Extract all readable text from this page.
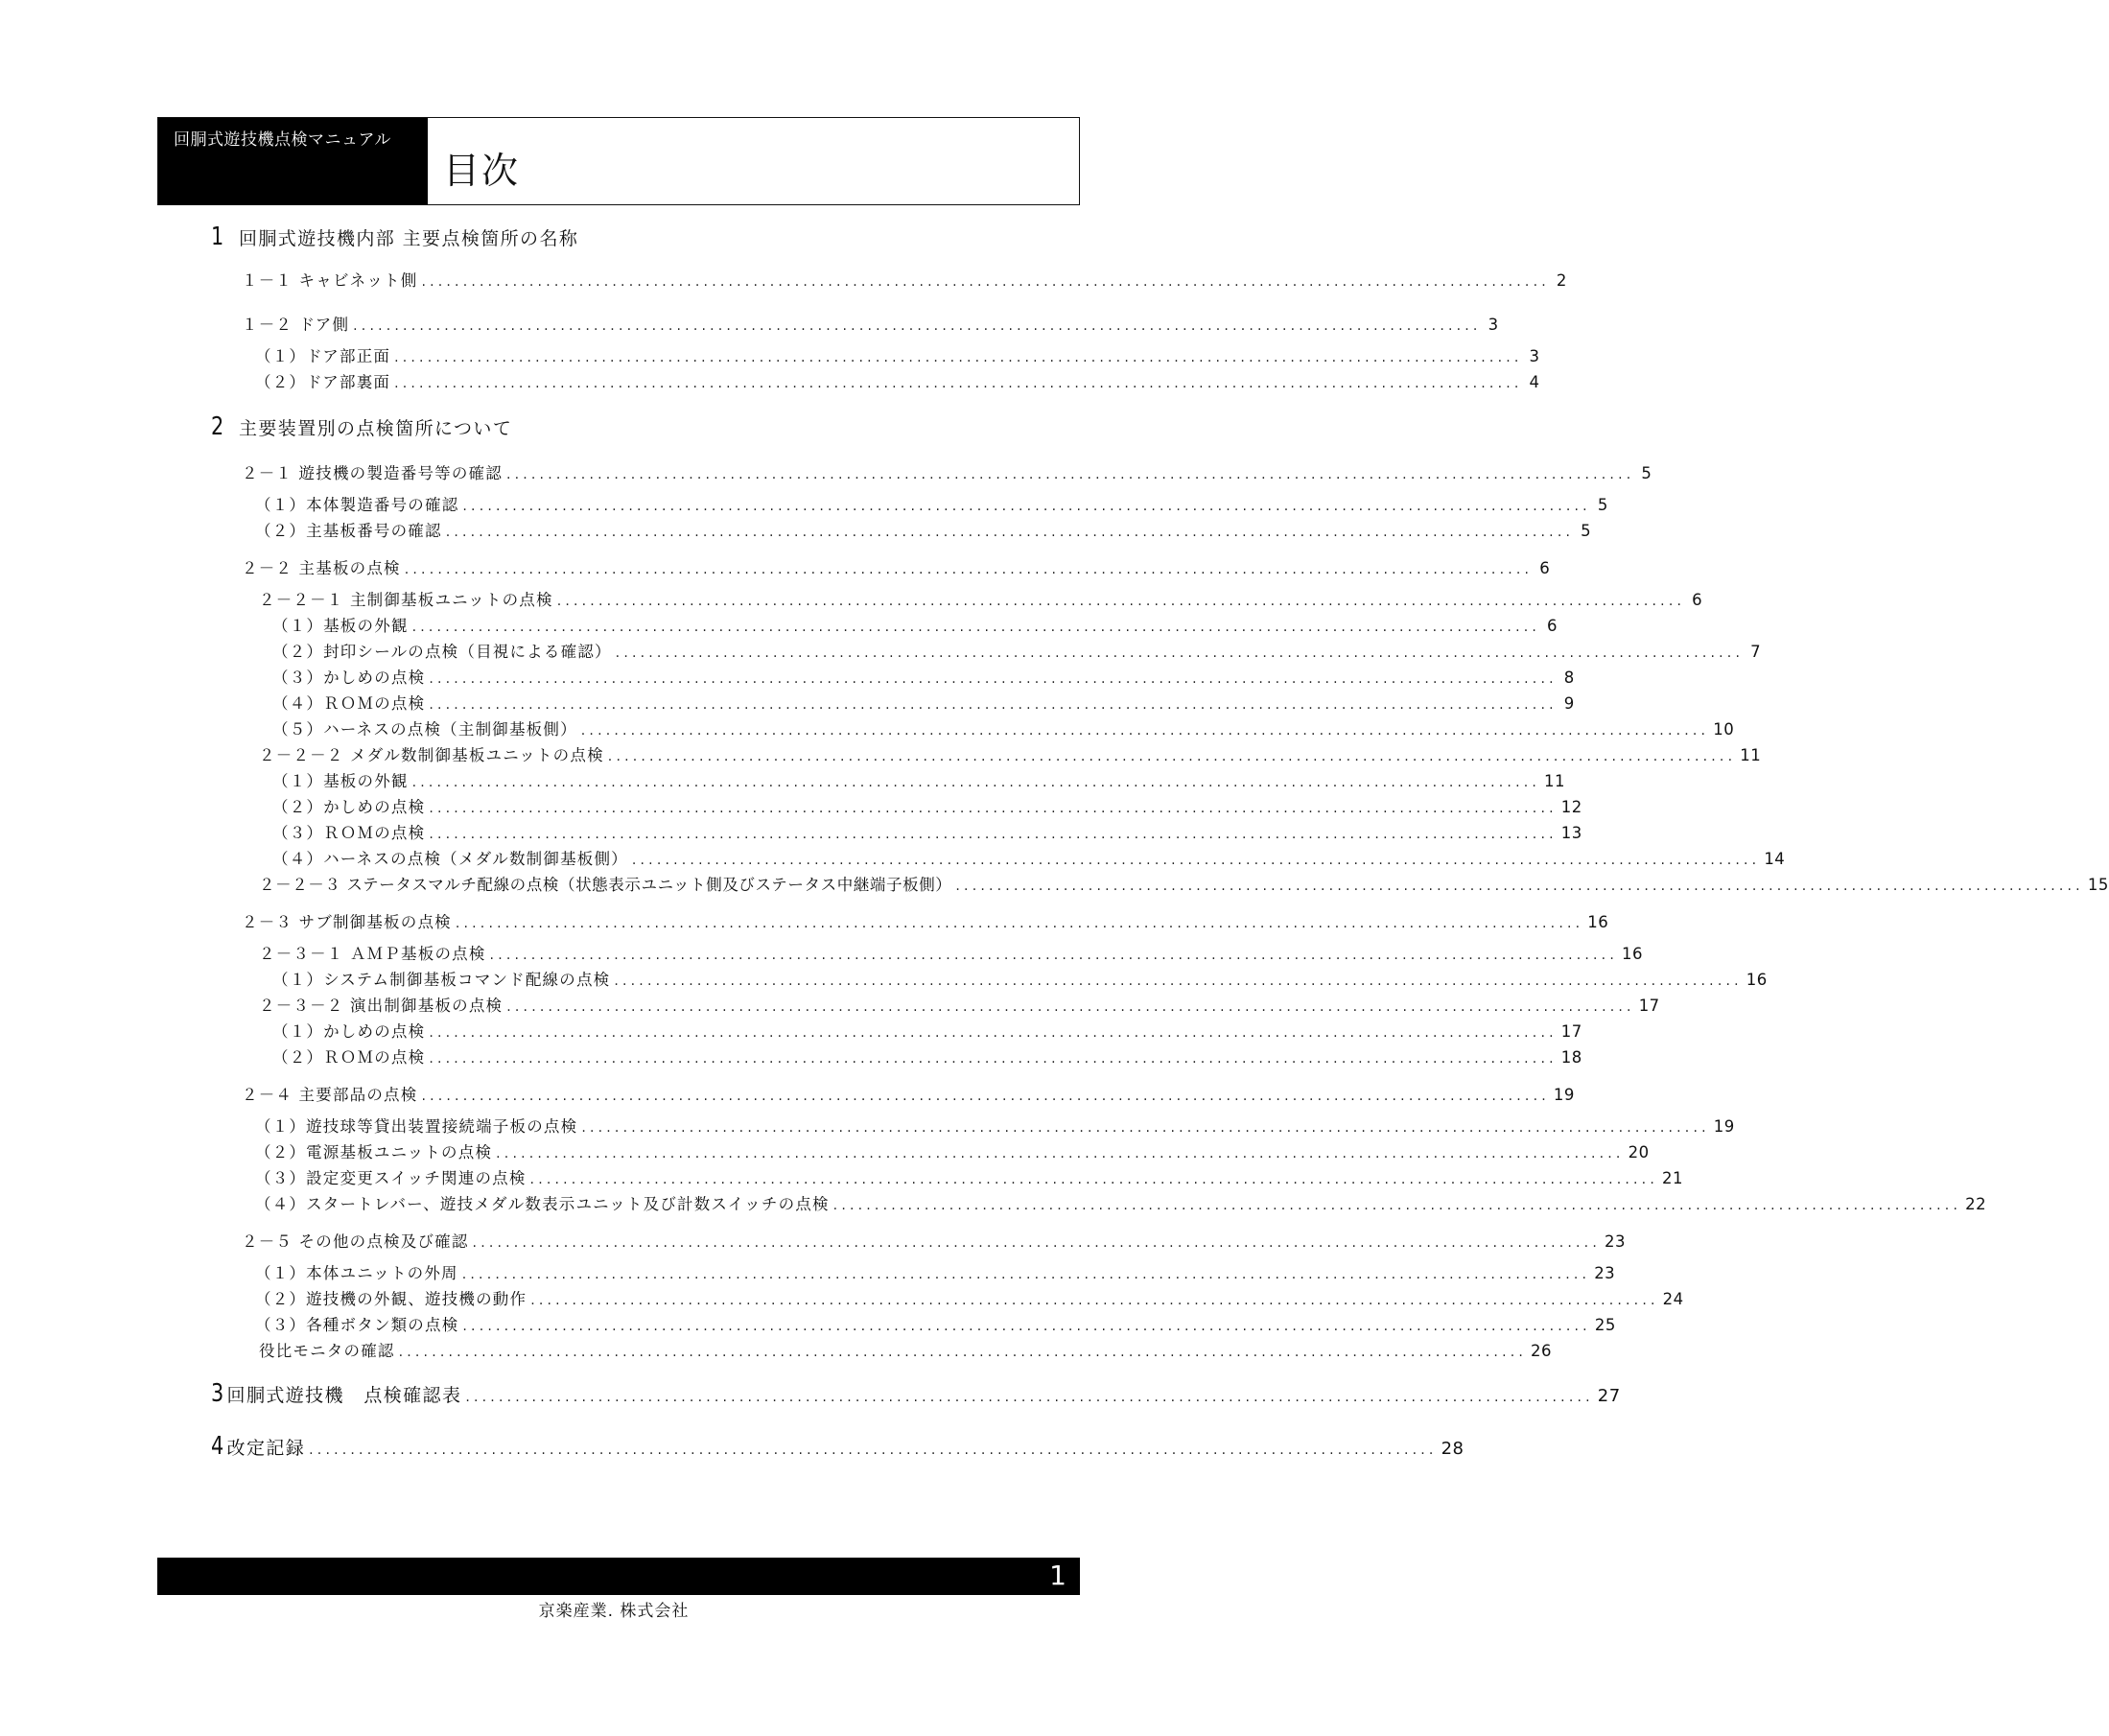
回胴式遊技機点検マニュアル
目次
1 回胴式遊技機内部 主要点検箇所の名称
１－１ キャビネット側 ........................................................................................................................................ 2
１－２ ドア側 ........................................................................................................................................ 3
（１）ドア部正面 ........................................................................................................................................ 3
（２）ドア部裏面 ........................................................................................................................................ 4
2 主要装置別の点検箇所について
２－１ 遊技機の製造番号等の確認 ........................................................................................................................................ 5
（１）本体製造番号の確認 ........................................................................................................................................ 5
（２）主基板番号の確認 ........................................................................................................................................ 5
２－２ 主基板の点検 ........................................................................................................................................ 6
２－２－１ 主制御基板ユニットの点検 ........................................................................................................................................ 6
（１）基板の外観 ........................................................................................................................................ 6
（２）封印シールの点検（目視による確認） ........................................................................................................................................ 7
（３）かしめの点検 ........................................................................................................................................ 8
（４）ＲＯＭの点検 ........................................................................................................................................ 9
（５）ハーネスの点検（主制御基板側） ........................................................................................................................................ 10
２－２－２ メダル数制御基板ユニットの点検 ........................................................................................................................................ 11
（１）基板の外観 ........................................................................................................................................ 11
（２）かしめの点検 ........................................................................................................................................ 12
（３）ＲＯＭの点検 ........................................................................................................................................ 13
（４）ハーネスの点検（メダル数制御基板側） ........................................................................................................................................ 14
２－２－３ ステータスマルチ配線の点検（状態表示ユニット側及びステータス中継端子板側） ........................................................................................................................................ 15
２－３ サブ制御基板の点検 ........................................................................................................................................ 16
２－３－１ ＡＭＰ基板の点検 ........................................................................................................................................ 16
（１）システム制御基板コマンド配線の点検 ........................................................................................................................................ 16
２－３－２ 演出制御基板の点検 ........................................................................................................................................ 17
（１）かしめの点検 ........................................................................................................................................ 17
（２）ＲＯＭの点検 ........................................................................................................................................ 18
２－４ 主要部品の点検 ........................................................................................................................................ 19
（１）遊技球等貸出装置接続端子板の点検 ........................................................................................................................................ 19
（２）電源基板ユニットの点検 ........................................................................................................................................ 20
（３）設定変更スイッチ関連の点検 ........................................................................................................................................ 21
（４）スタートレバー、遊技メダル数表示ユニット及び計数スイッチの点検 ........................................................................................................................................ 22
２－５ その他の点検及び確認 ........................................................................................................................................ 23
（１）本体ユニットの外周 ........................................................................................................................................ 23
（２）遊技機の外観、遊技機の動作 ........................................................................................................................................ 24
（３）各種ボタン類の点検 ........................................................................................................................................ 25
役比モニタの確認 ........................................................................................................................................ 26
3 回胴式遊技機　点検確認表 ........................................................................................................................................ 27
4 改定記録 ........................................................................................................................................ 28
1
京楽産業. 株式会社
